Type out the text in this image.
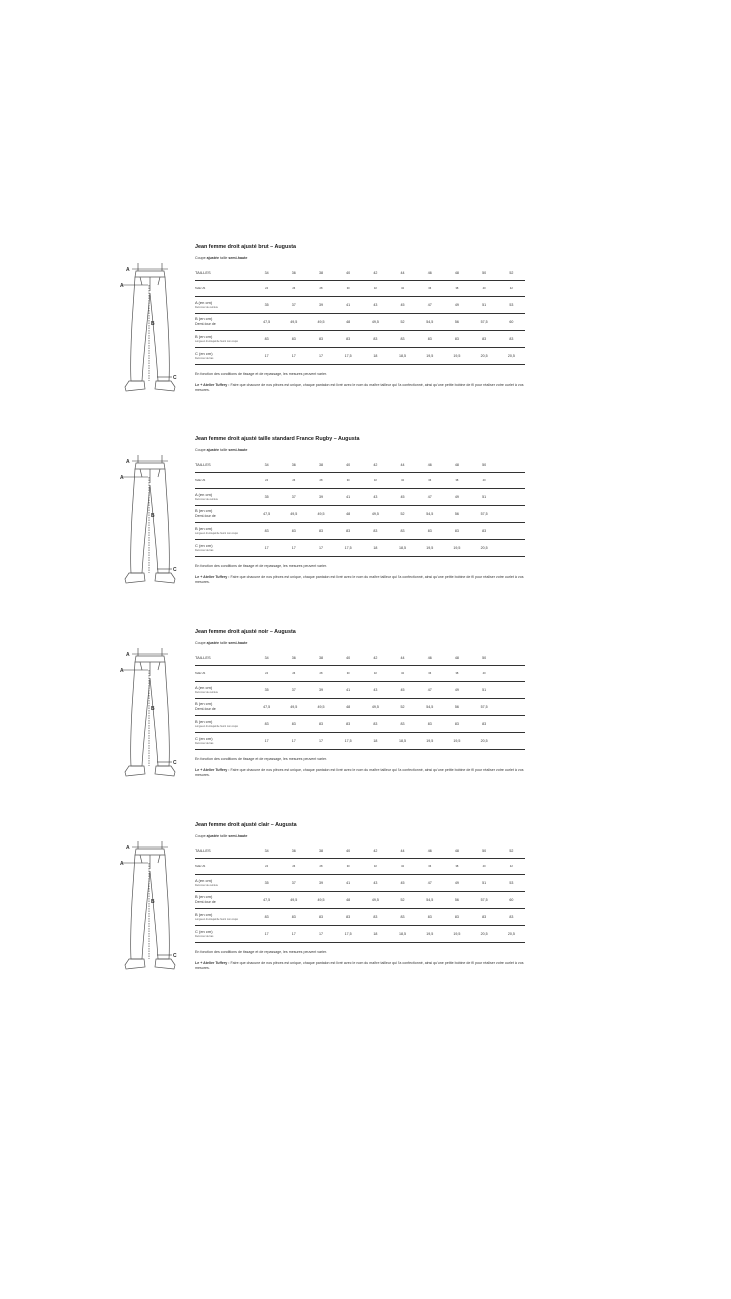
A
A
B
C
Jean femme droit ajusté brut – Augusta
Coupe ajustée taille semi-haute
TAILLES	34	36	38	40	42	44	46	48	50	52
Taille US	24	26	28	30	32	34	36	38	40	42

A (en cm)
Demi-tour de ceinture	35	37	39	41	43	45	47	49	51	53

B (en cm)
Demi-tour de	47,5	49,5	49,5	48	49,5	52	54,5	56	57,5	60

B (en cm)
Longueur d'entrejambe fourni non coupé	83	83	83	83	83	83	83	83	83	83

C (en cm)
Demi-tour de bas	17	17	17	17,5	18	18,5	19,5	19,5	20,5	20,5
En fonction des conditions de tissage et de repassage, les mesures peuvent varier.
Le + Atelier Tuffery : Faire que chacune de nos pièces est unique, chaque pantalon est livré avec le nom du maître tailleur qui l'a confectionné, ainsi qu'une petite bobine de fil pour réaliser votre ourlet à vos mesures.
A
A
B
C
Jean femme droit ajusté taille standard France Rugby – Augusta
Coupe ajustée taille semi-haute
TAILLES	34	36	38	40	42	44	46	48	50	
Taille US	24	26	28	30	32	34	36	38	40	

A (en cm)
Demi-tour de ceinture	35	37	39	41	43	45	47	49	51	

B (en cm)
Demi-tour de	47,5	49,5	49,5	48	49,5	52	54,5	56	57,5	

B (en cm)
Longueur d'entrejambe fourni non coupé	83	83	83	83	83	83	83	83	83	

C (en cm)
Demi-tour de bas	17	17	17	17,5	18	18,5	19,5	19,5	20,5	
En fonction des conditions de tissage et de repassage, les mesures peuvent varier.
Le + Atelier Tuffery : Faire que chacune de nos pièces est unique, chaque pantalon est livré avec le nom du maître tailleur qui l'a confectionné, ainsi qu'une petite bobine de fil pour réaliser votre ourlet à vos mesures.
A
A
B
C
Jean femme droit ajusté noir – Augusta
Coupe ajustée taille semi-haute
TAILLES	34	36	38	40	42	44	46	48	50	
Taille US	24	26	28	30	32	34	36	38	40	

A (en cm)
Demi-tour de ceinture	35	37	39	41	43	45	47	49	51	

B (en cm)
Demi-tour de	47,5	49,5	49,5	48	49,5	52	54,5	56	57,5	

B (en cm)
Longueur d'entrejambe fourni non coupé	83	83	83	83	83	83	83	83	83	

C (en cm)
Demi-tour de bas	17	17	17	17,5	18	18,5	19,5	19,5	20,5	
En fonction des conditions de tissage et de repassage, les mesures peuvent varier.
Le + Atelier Tuffery : Faire que chacune de nos pièces est unique, chaque pantalon est livré avec le nom du maître tailleur qui l'a confectionné, ainsi qu'une petite bobine de fil pour réaliser votre ourlet à vos mesures.
A
A
B
C
Jean femme droit ajusté clair – Augusta
Coupe ajustée taille semi-haute
TAILLES	34	36	38	40	42	44	46	48	50	52
Taille US	24	26	28	30	32	34	36	38	40	42

A (en cm)
Demi-tour de ceinture	35	37	39	41	43	45	47	49	51	53

B (en cm)
Demi-tour de	47,5	49,5	49,5	48	49,5	52	54,5	56	57,5	60

B (en cm)
Longueur d'entrejambe fourni non coupé	83	83	83	83	83	83	83	83	83	83

C (en cm)
Demi-tour de bas	17	17	17	17,5	18	18,5	19,5	19,5	20,5	20,5
En fonction des conditions de tissage et de repassage, les mesures peuvent varier.
Le + Atelier Tuffery : Faire que chacune de nos pièces est unique, chaque pantalon est livré avec le nom du maître tailleur qui l'a confectionné, ainsi qu'une petite bobine de fil pour réaliser votre ourlet à vos mesures.
